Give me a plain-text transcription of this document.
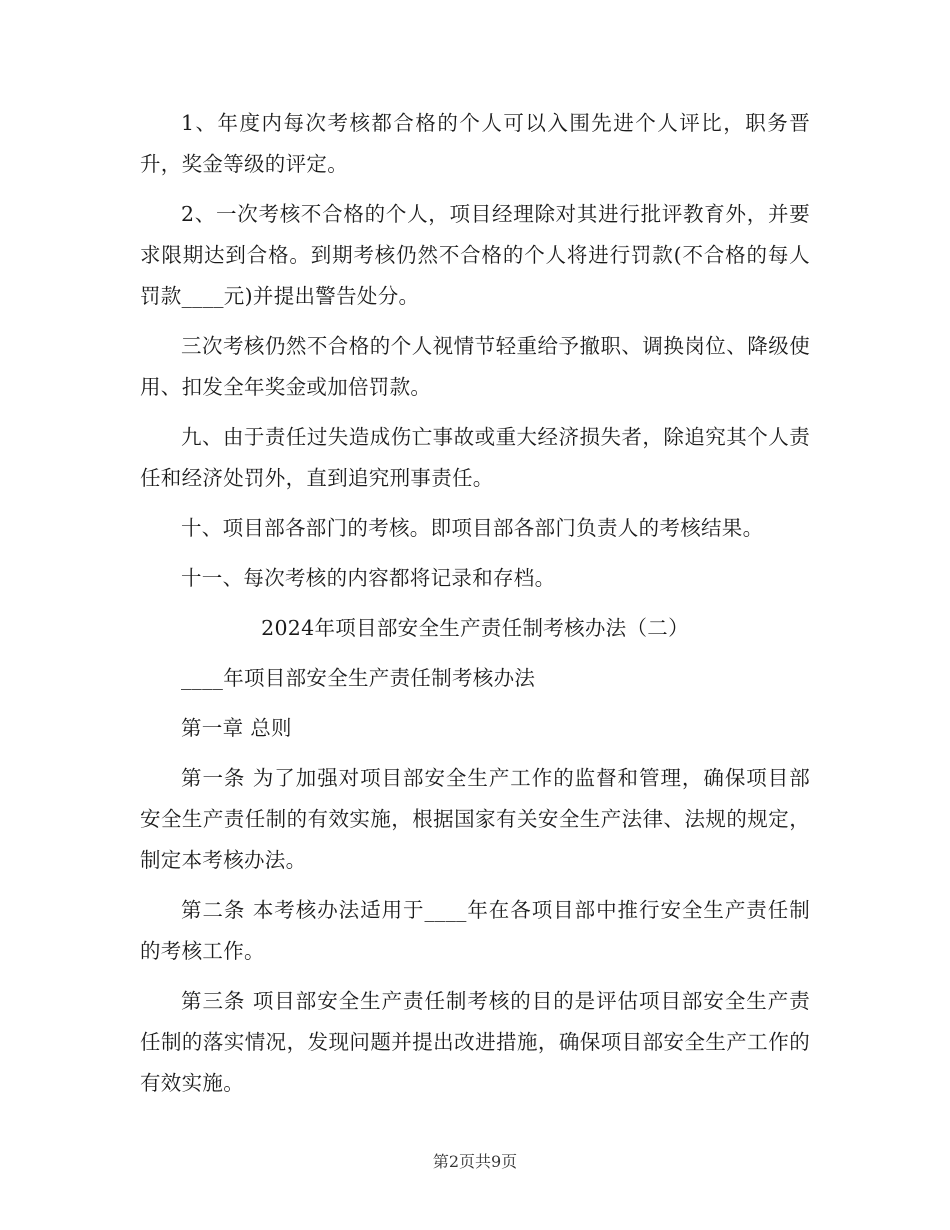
1、年度内每次考核都合格的个人可以入围先进个人评比，职务晋升，奖金等级的评定。

2、一次考核不合格的个人，项目经理除对其进行批评教育外，并要求限期达到合格。到期考核仍然不合格的个人将进行罚款(不合格的每人罚款____元)并提出警告处分。

三次考核仍然不合格的个人视情节轻重给予撤职、调换岗位、降级使用、扣发全年奖金或加倍罚款。

九、由于责任过失造成伤亡事故或重大经济损失者，除追究其个人责任和经济处罚外，直到追究刑事责任。

十、项目部各部门的考核。即项目部各部门负责人的考核结果。

十一、每次考核的内容都将记录和存档。

2024年项目部安全生产责任制考核办法（二）

____年项目部安全生产责任制考核办法

第一章 总则

第一条 为了加强对项目部安全生产工作的监督和管理，确保项目部安全生产责任制的有效实施，根据国家有关安全生产法律、法规的规定，制定本考核办法。

第二条 本考核办法适用于____年在各项目部中推行安全生产责任制的考核工作。

第三条 项目部安全生产责任制考核的目的是评估项目部安全生产责任制的落实情况，发现问题并提出改进措施，确保项目部安全生产工作的有效实施。

第2页共9页
